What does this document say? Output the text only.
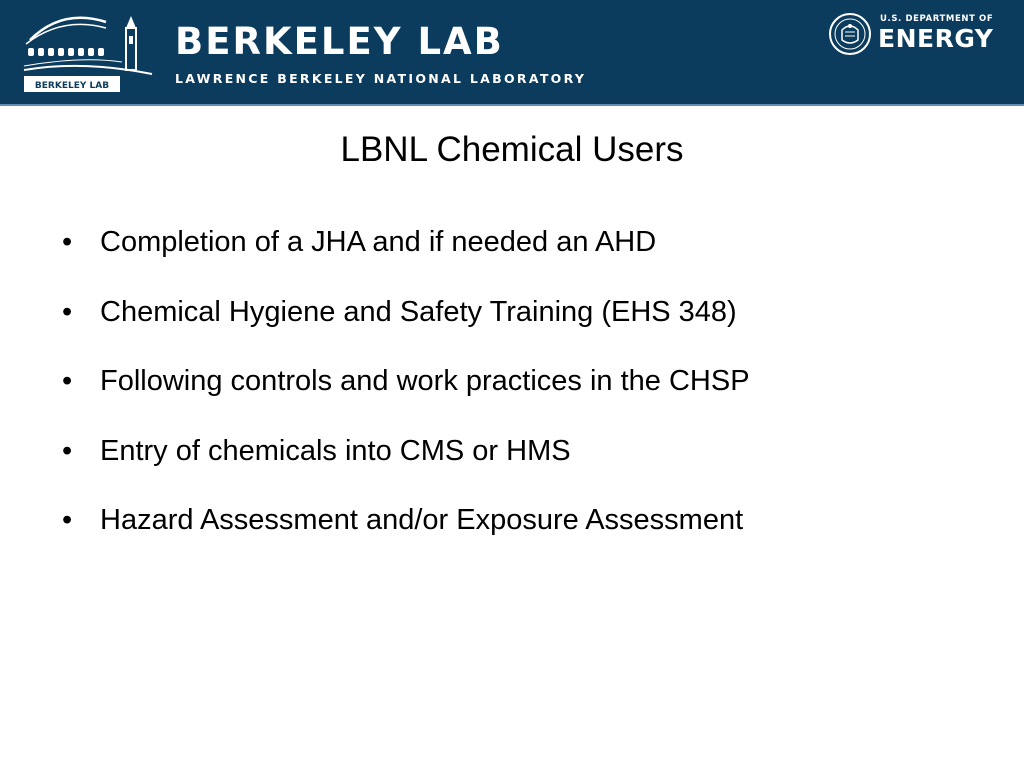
BERKELEY LAB
BERKELEY LAB
LAWRENCE BERKELEY NATIONAL LABORATORY
U.S. DEPARTMENT OF
ENERGY
LBNL Chemical Users
• Completion of a JHA and if needed an AHD
• Chemical Hygiene and Safety Training (EHS 348)
• Following controls and work practices in the CHSP
• Entry of chemicals into CMS or HMS
• Hazard Assessment and/or Exposure Assessment
